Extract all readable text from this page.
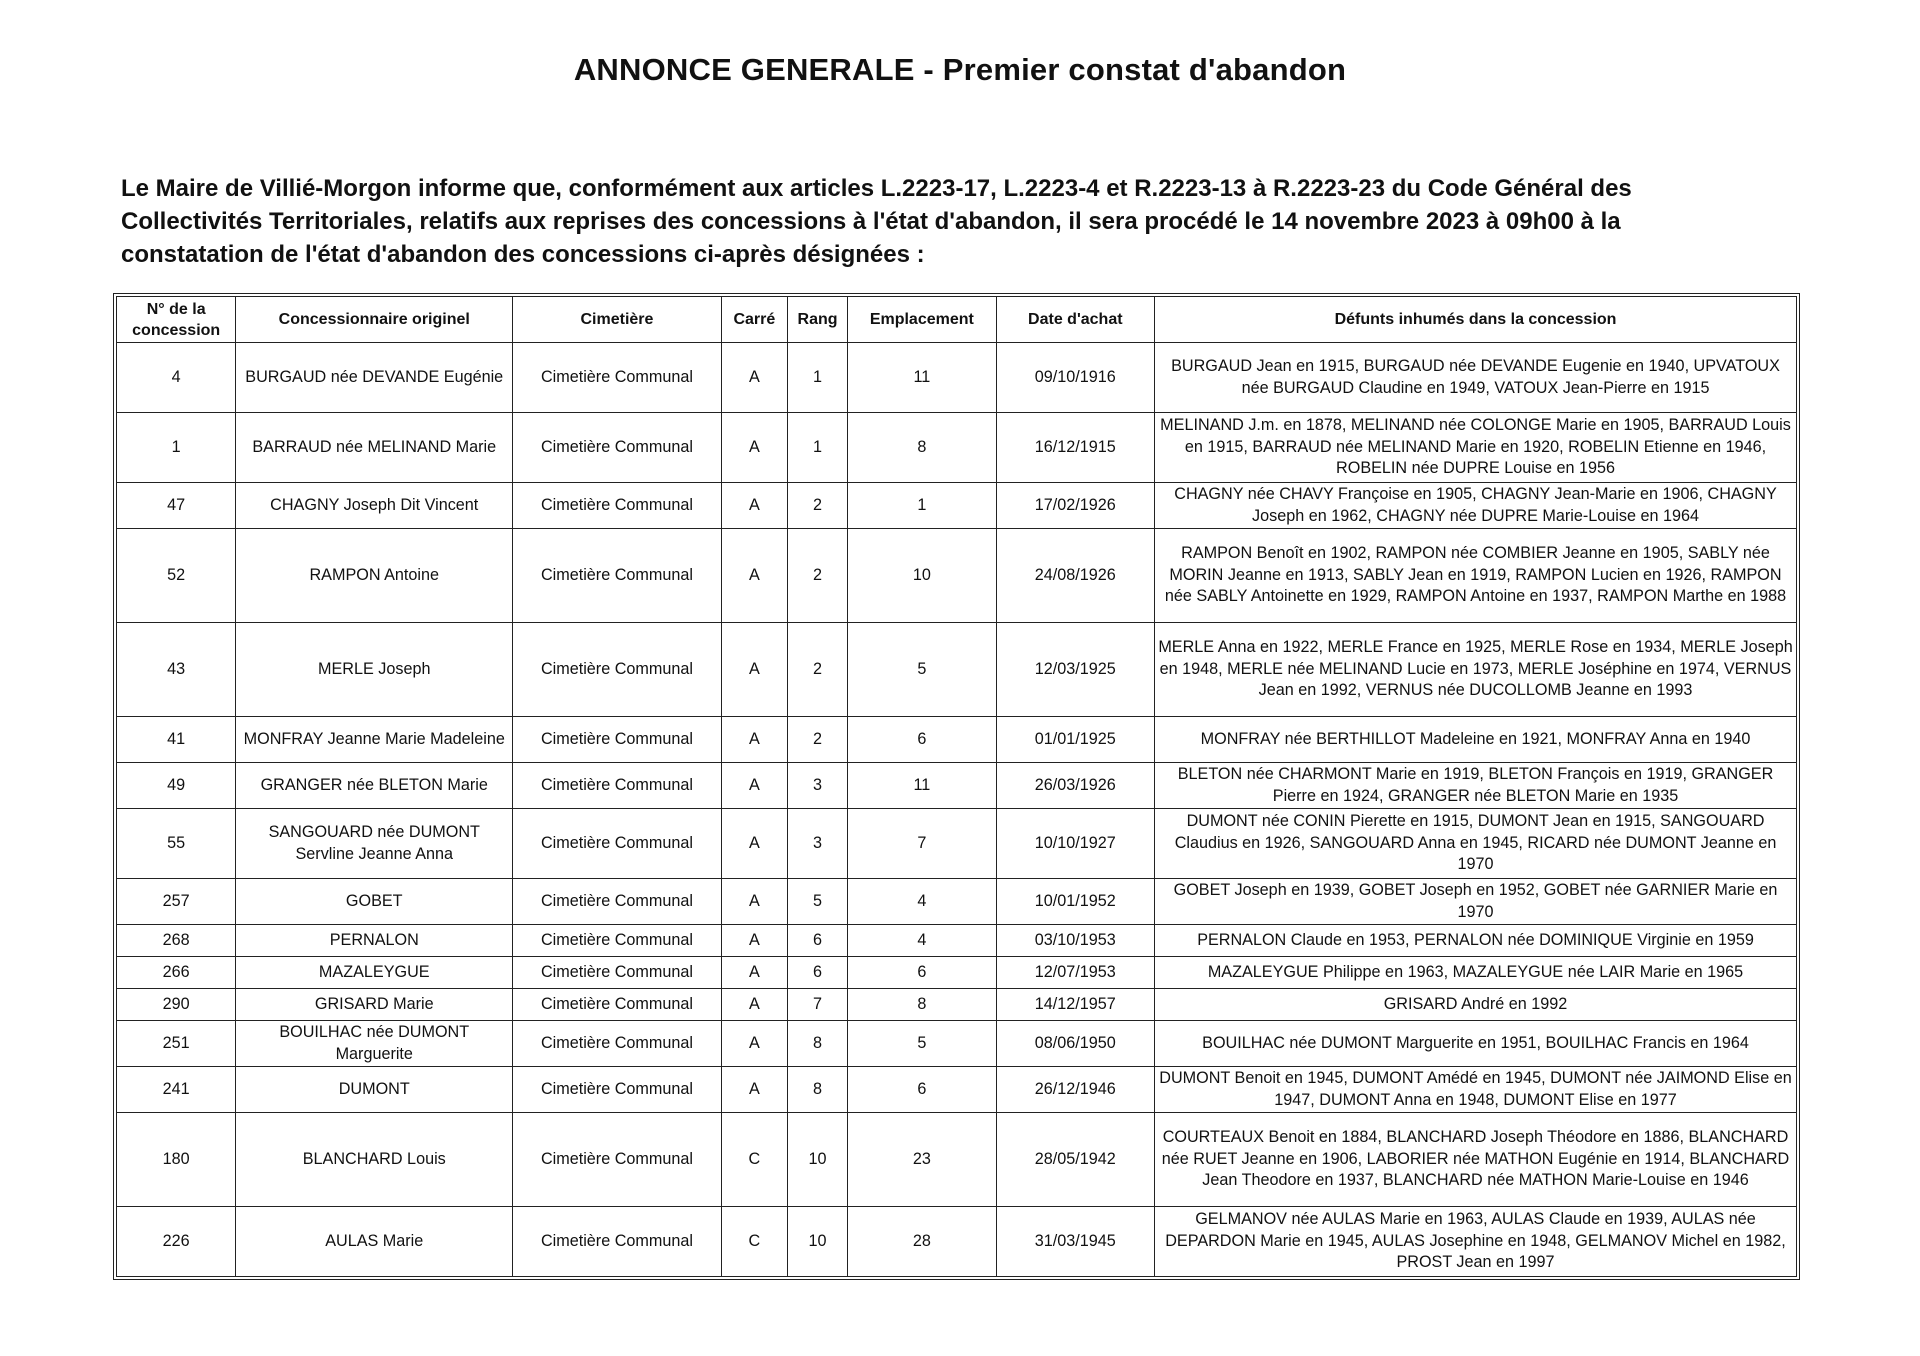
ANNONCE GENERALE - Premier constat d'abandon

Le Maire de Villié-Morgon informe que, conformément aux articles L.2223-17, L.2223-4 et R.2223-13 à R.2223-23 du Code Général des

Collectivités Territoriales, relatifs aux reprises des concessions à l'état d'abandon, il sera procédé le 14 novembre 2023 à 09h00 à la

constatation de l'état d'abandon des concessions ci-après désignées :

N° de la concession	Concessionnaire originel	Cimetière	Carré	Rang	Emplacement	Date d'achat	Défunts inhumés dans la concession
4	BURGAUD née DEVANDE Eugénie	Cimetière Communal	A	1	11	09/10/1916	BURGAUD Jean en 1915, BURGAUD née DEVANDE Eugenie en 1940, UPVATOUX née BURGAUD Claudine en 1949, VATOUX Jean-Pierre en 1915
1	BARRAUD née MELINAND Marie	Cimetière Communal	A	1	8	16/12/1915	MELINAND J.m. en 1878, MELINAND née COLONGE Marie en 1905, BARRAUD Louis en 1915, BARRAUD née MELINAND Marie en 1920, ROBELIN Etienne en 1946, ROBELIN née DUPRE Louise en 1956
47	CHAGNY Joseph Dit Vincent	Cimetière Communal	A	2	1	17/02/1926	CHAGNY née CHAVY Françoise en 1905, CHAGNY Jean-Marie en 1906, CHAGNY Joseph en 1962, CHAGNY née DUPRE Marie-Louise en 1964
52	RAMPON Antoine	Cimetière Communal	A	2	10	24/08/1926	RAMPON Benoît en 1902, RAMPON née COMBIER Jeanne en 1905, SABLY née MORIN Jeanne en 1913, SABLY Jean en 1919, RAMPON Lucien en 1926, RAMPON née SABLY Antoinette en 1929, RAMPON Antoine en 1937, RAMPON Marthe en 1988
43	MERLE Joseph	Cimetière Communal	A	2	5	12/03/1925	MERLE Anna en 1922, MERLE France en 1925, MERLE Rose en 1934, MERLE Joseph en 1948, MERLE née MELINAND Lucie en 1973, MERLE Joséphine en 1974, VERNUS Jean en 1992, VERNUS née DUCOLLOMB Jeanne en 1993
41	MONFRAY Jeanne Marie Madeleine	Cimetière Communal	A	2	6	01/01/1925	MONFRAY née BERTHILLOT Madeleine en 1921, MONFRAY Anna en 1940
49	GRANGER née BLETON Marie	Cimetière Communal	A	3	11	26/03/1926	BLETON née CHARMONT Marie en 1919, BLETON François en 1919, GRANGER Pierre en 1924, GRANGER née BLETON Marie en 1935
55	SANGOUARD née DUMONT Servline Jeanne Anna	Cimetière Communal	A	3	7	10/10/1927	DUMONT née CONIN Pierette en 1915, DUMONT Jean en 1915, SANGOUARD Claudius en 1926, SANGOUARD Anna en 1945, RICARD née DUMONT Jeanne en 1970
257	GOBET	Cimetière Communal	A	5	4	10/01/1952	GOBET Joseph en 1939, GOBET Joseph en 1952, GOBET née GARNIER Marie en 1970
268	PERNALON	Cimetière Communal	A	6	4	03/10/1953	PERNALON Claude en 1953, PERNALON née DOMINIQUE Virginie en 1959
266	MAZALEYGUE	Cimetière Communal	A	6	6	12/07/1953	MAZALEYGUE Philippe en 1963, MAZALEYGUE née LAIR Marie en 1965
290	GRISARD Marie	Cimetière Communal	A	7	8	14/12/1957	GRISARD André en 1992
251	BOUILHAC née DUMONT Marguerite	Cimetière Communal	A	8	5	08/06/1950	BOUILHAC née DUMONT Marguerite en 1951, BOUILHAC Francis en 1964
241	DUMONT	Cimetière Communal	A	8	6	26/12/1946	DUMONT Benoit en 1945, DUMONT Amédé en 1945, DUMONT née JAIMOND Elise en 1947, DUMONT Anna en 1948, DUMONT Elise en 1977
180	BLANCHARD Louis	Cimetière Communal	C	10	23	28/05/1942	COURTEAUX Benoit en 1884, BLANCHARD Joseph Théodore en 1886, BLANCHARD née RUET Jeanne en 1906, LABORIER née MATHON Eugénie en 1914, BLANCHARD Jean Theodore en 1937, BLANCHARD née MATHON Marie-Louise en 1946
226	AULAS Marie	Cimetière Communal	C	10	28	31/03/1945	GELMANOV née AULAS Marie en 1963, AULAS Claude en 1939, AULAS née DEPARDON Marie en 1945, AULAS Josephine en 1948, GELMANOV Michel en 1982, PROST Jean en 1997
